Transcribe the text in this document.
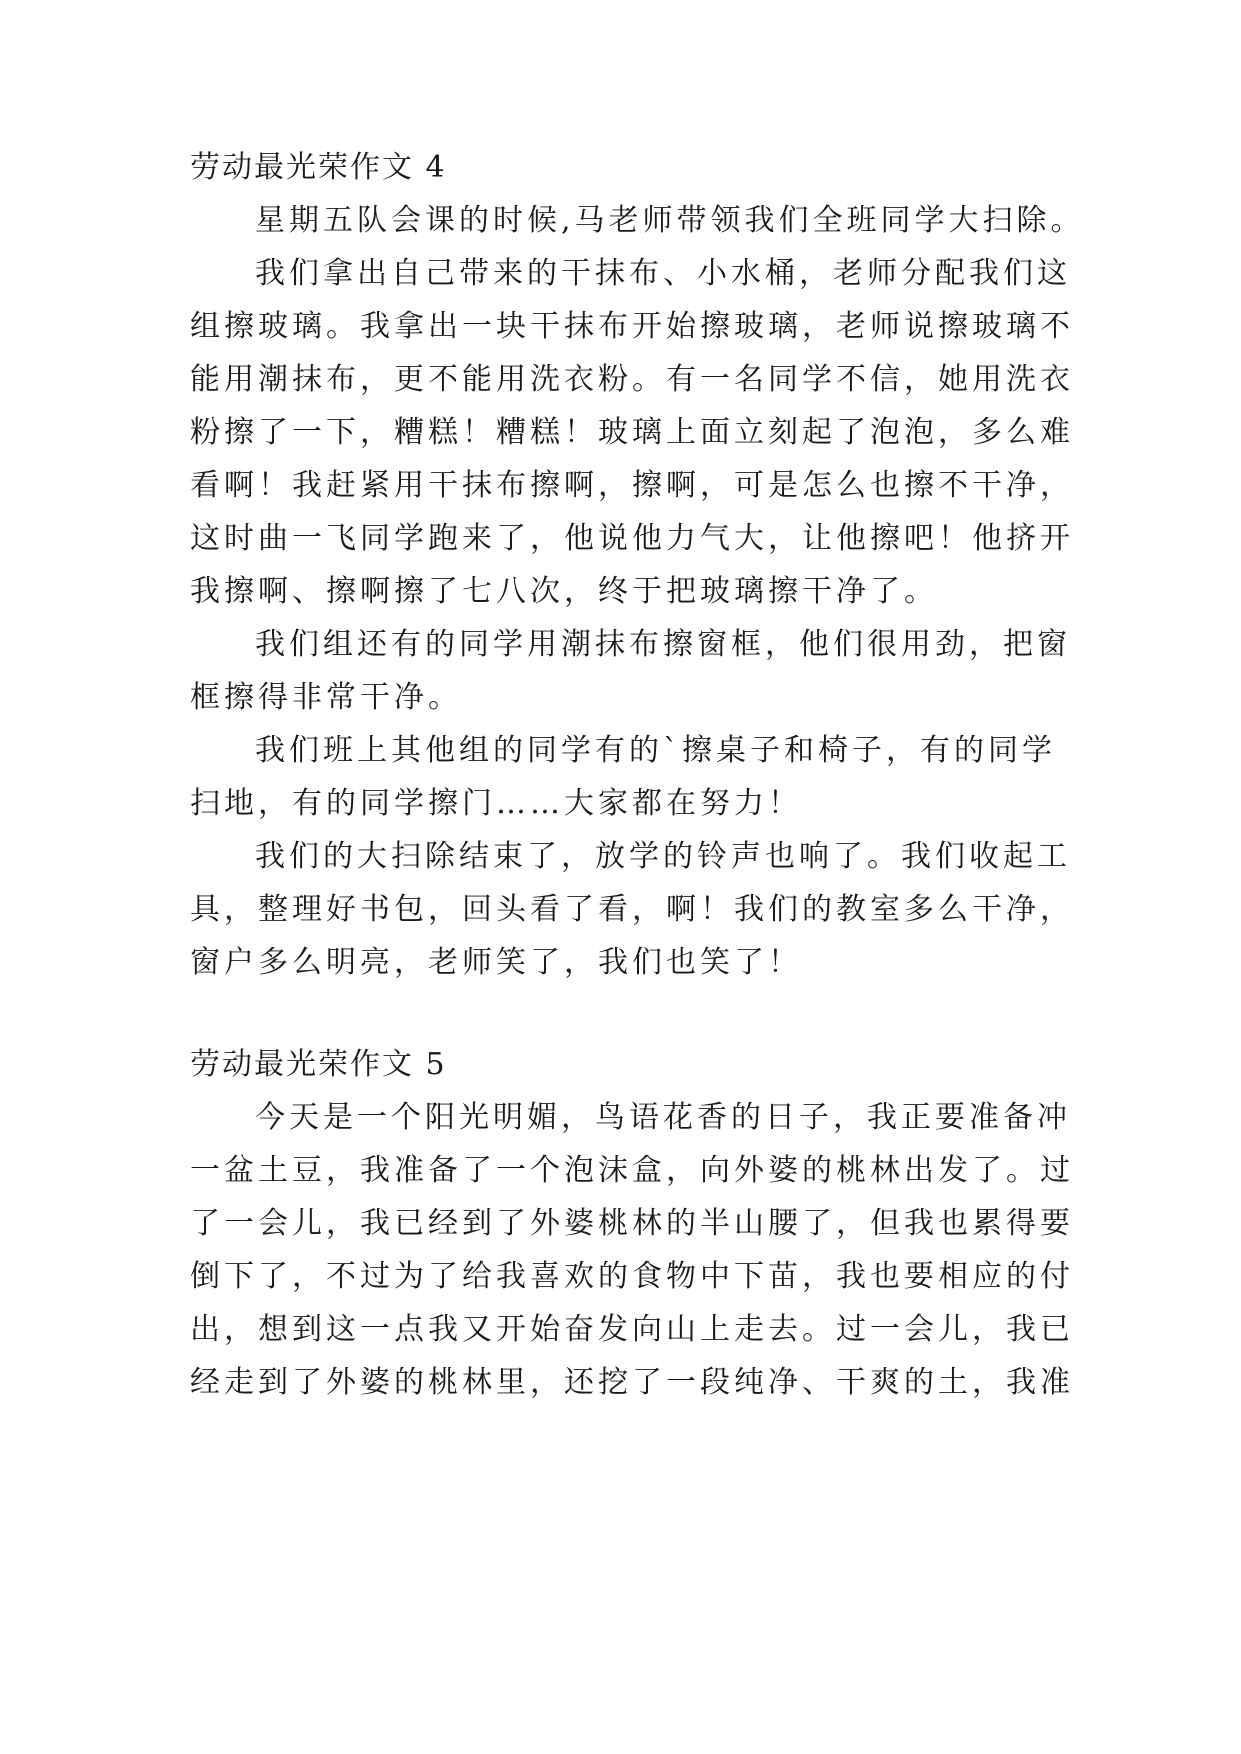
劳动最光荣作文 4
星期五队会课的时候,马老师带领我们全班同学大扫除。
我们拿出自己带来的干抹布、小水桶，老师分配我们这
组擦玻璃。我拿出一块干抹布开始擦玻璃，老师说擦玻璃不
能用潮抹布，更不能用洗衣粉。有一名同学不信，她用洗衣
粉擦了一下，糟糕！糟糕！玻璃上面立刻起了泡泡，多么难
看啊！我赶紧用干抹布擦啊，擦啊，可是怎么也擦不干净，
这时曲一飞同学跑来了，他说他力气大，让他擦吧！他挤开
我擦啊、擦啊擦了七八次，终于把玻璃擦干净了。
我们组还有的同学用潮抹布擦窗框，他们很用劲，把窗
框擦得非常干净。
我们班上其他组的同学有的`擦桌子和椅子，有的同学
扫地，有的同学擦门……大家都在努力！
我们的大扫除结束了，放学的铃声也响了。我们收起工
具，整理好书包，回头看了看，啊！我们的教室多么干净，
窗户多么明亮，老师笑了，我们也笑了！
劳动最光荣作文 5
今天是一个阳光明媚，鸟语花香的日子，我正要准备冲
一盆土豆，我准备了一个泡沫盒，向外婆的桃林出发了。过
了一会儿，我已经到了外婆桃林的半山腰了，但我也累得要
倒下了，不过为了给我喜欢的食物中下苗，我也要相应的付
出，想到这一点我又开始奋发向山上走去。过一会儿，我已
经走到了外婆的桃林里，还挖了一段纯净、干爽的土，我准
